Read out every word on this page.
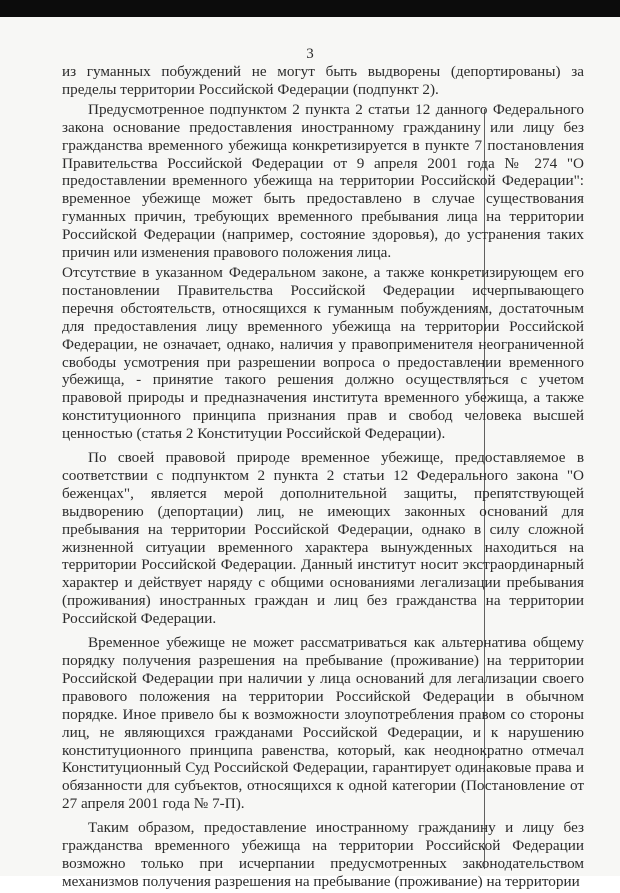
3

из гуманных побуждений не могут быть выдворены (депортированы) за пределы территории Российской Федерации (подпункт 2).

Предусмотренное подпунктом 2 пункта 2 статьи 12 данного Федерального закона основание предоставления иностранному гражданину или лицу без гражданства временного убежища конкретизируется в пункте 7 постановления Правительства Российской Федерации от 9 апреля 2001 года № 274 "О предоставлении временного убежища на территории Российской Федерации": временное убежище может быть предоставлено в случае существования гуманных причин, требующих временного пребывания лица на территории Российской Федерации (например, состояние здоровья), до устранения таких причин или изменения правового положения лица.

Отсутствие в указанном Федеральном законе, а также конкретизирующем его постановлении Правительства Российской Федерации исчерпывающего перечня обстоятельств, относящихся к гуманным побуждениям, достаточным для предоставления лицу временного убежища на территории Российской Федерации, не означает, однако, наличия у правоприменителя неограниченной свободы усмотрения при разрешении вопроса о предоставлении временного убежища, - принятие такого решения должно осуществляться с учетом правовой природы и предназначения института временного убежища, а также конституционного принципа признания прав и свобод человека высшей ценностью (статья 2 Конституции Российской Федерации).

По своей правовой природе временное убежище, предоставляемое в соответствии с подпунктом 2 пункта 2 статьи 12 Федерального закона "О беженцах", является мерой дополнительной защиты, препятствующей выдворению (депортации) лиц, не имеющих законных оснований для пребывания на территории Российской Федерации, однако в силу сложной жизненной ситуации временного характера вынужденных находиться на территории Российской Федерации. Данный институт носит экстраординарный характер и действует наряду с общими основаниями легализации пребывания (проживания) иностранных граждан и лиц без гражданства на территории Российской Федерации.

Временное убежище не может рассматриваться как альтернатива общему порядку получения разрешения на пребывание (проживание) на территории Российской Федерации при наличии у лица оснований для легализации своего правового положения на территории Российской Федерации в обычном порядке. Иное привело бы к возможности злоупотребления правом со стороны лиц, не являющихся гражданами Российской Федерации, и к нарушению конституционного принципа равенства, который, как неоднократно отмечал Конституционный Суд Российской Федерации, гарантирует одинаковые права и обязанности для субъектов, относящихся к одной категории (Постановление от 27 апреля 2001 года № 7-П).

Таким образом, предоставление иностранному гражданину и лицу без гражданства временного убежища на территории Российской Федерации возможно только при исчерпании предусмотренных законодательством механизмов получения разрешения на пребывание (проживание) на территории
